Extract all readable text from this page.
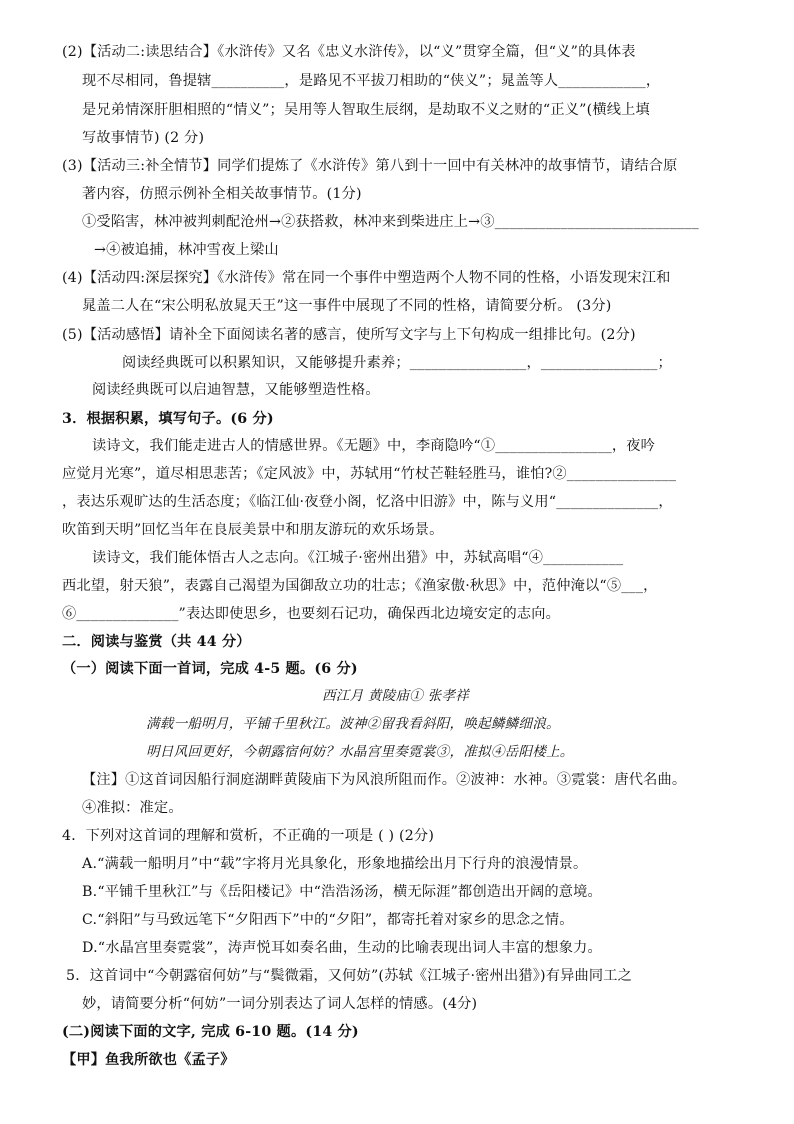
(2)【活动二:读思结合】《水浒传》又名《忠义水浒传》，以“义”贯穿全篇，但“义”的具体表
现不尽相同，鲁提辖__________，是路见不平拔刀相助的“侠义”；晁盖等人____________，
是兄弟情深肝胆相照的“情义”；吴用等人智取生辰纲，是劫取不义之财的“正义”(横线上填
写故事情节) (2 分)
(3)【活动三:补全情节】同学们提炼了《水浒传》第八到十一回中有关林冲的故事情节，请结合原
著内容，仿照示例补全相关故事情节。(1分)
①受陷害，林冲被判刺配沧州→②获搭救，林冲来到柴进庄上→③____________________________
→④被追捕，林冲雪夜上梁山
(4)【活动四:深层探究】《水浒传》常在同一个事件中塑造两个人物不同的性格，小语发现宋江和
晁盖二人在“宋公明私放晁天王”这一事件中展现了不同的性格，请简要分析。 (3分)
(5)【活动感悟】请补全下面阅读名著的感言，使所写文字与上下句构成一组排比句。(2分)
阅读经典既可以积累知识，又能够提升素养；________________，________________；
阅读经典既可以启迪智慧，又能够塑造性格。
3．根据积累，填写句子。(6 分)
读诗文，我们能走进古人的情感世界。《无题》中，李商隐吟“①________________，夜吟
应觉月光寒”，道尽相思悲苦；《定风波》中，苏轼用“竹杖芒鞋轻胜马，谁怕?②_______________
，表达乐观旷达的生活态度；《临江仙·夜登小阁，忆洛中旧游》中，陈与义用“______________，
吹笛到天明”回忆当年在良辰美景中和朋友游玩的欢乐场景。
读诗文，我们能体悟古人之志向。《江城子·密州出猎》中，苏轼高唱“④___________
西北望，射天狼”，表露自己渴望为国御敌立功的壮志；《渔家傲·秋思》中，范仲淹以“⑤___，
⑥______________”表达即使思乡，也要刻石记功，确保西北边境安定的志向。
二．阅读与鉴赏（共 44 分）
（一）阅读下面一首词，完成 4-5 题。(6 分)
西江月 黄陵庙① 张孝祥
满载一船明月，平铺千里秋江。波神②留我看斜阳，唤起鳞鳞细浪。
明日风回更好，今朝露宿何妨？水晶宫里奏霓裳③，准拟④岳阳楼上。
【注】①这首词因船行洞庭湖畔黄陵庙下为风浪所阻而作。②波神：水神。③霓裳：唐代名曲。
④准拟：准定。
4．下列对这首词的理解和赏析，不正确的一项是 ( ) (2分)
A.“满载一船明月”中“载”字将月光具象化，形象地描绘出月下行舟的浪漫情景。
B.“平铺千里秋江”与《岳阳楼记》中“浩浩汤汤，横无际涯”都创造出开阔的意境。
C.“斜阳”与马致远笔下“夕阳西下”中的“夕阳”，都寄托着对家乡的思念之情。
D.“水晶宫里奏霓裳”，涛声悦耳如奏名曲，生动的比喻表现出词人丰富的想象力。
5．这首词中“今朝露宿何妨”与“鬓微霜，又何妨”(苏轼《江城子·密州出猎》)有异曲同工之
妙，请简要分析“何妨”一词分别表达了词人怎样的情感。(4分)
(二)阅读下面的文字, 完成 6-10 题。(14 分)
【甲】鱼我所欲也《孟子》
